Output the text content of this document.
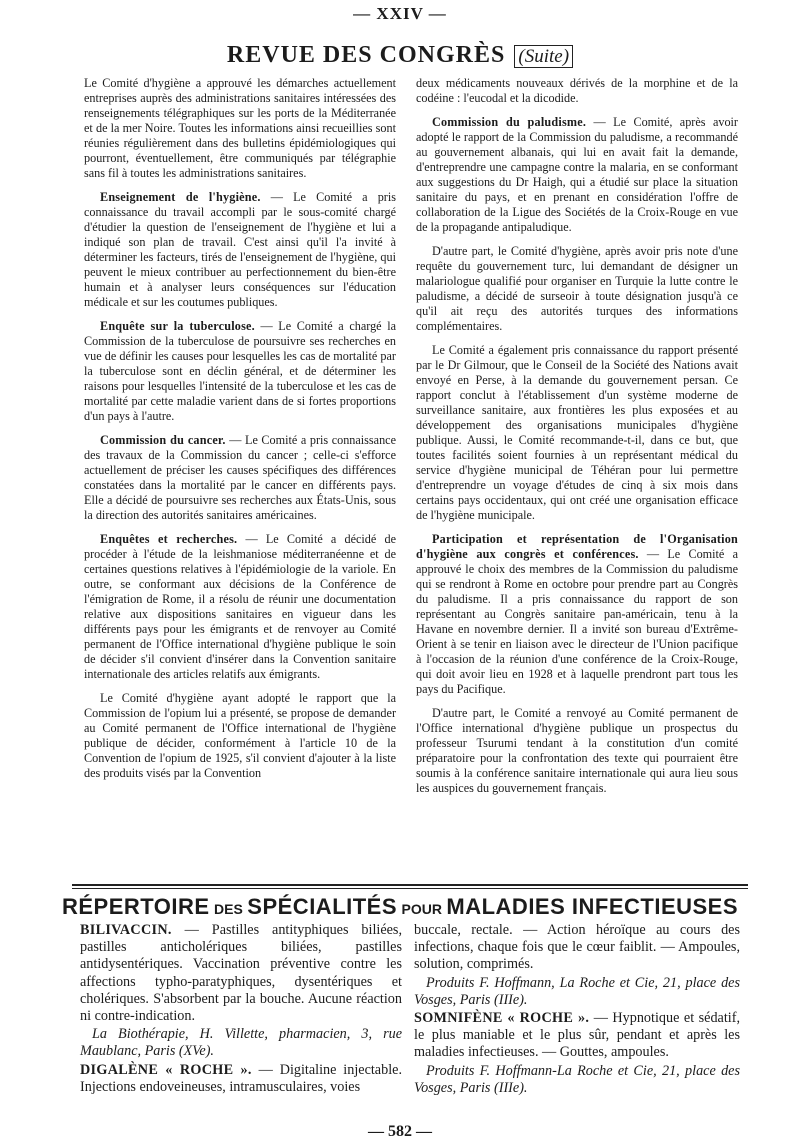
— XXIV —
REVUE DES CONGRÈS (Suite)

Le Comité d'hygiène a approuvé les démarches actuellement entreprises auprès des administrations sanitaires intéressées des renseignements télégraphiques sur les ports de la Méditerranée et de la mer Noire. Toutes les informations ainsi recueillies sont réunies régulièrement dans des bulletins épidémiologiques qui pourront, éventuellement, être communiqués par télégraphie sans fil à toutes les administrations sanitaires.

Enseignement de l'hygiène. — Le Comité a pris connaissance du travail accompli par le sous-comité chargé d'étudier la question de l'enseignement de l'hygiène et lui a indiqué son plan de travail. C'est ainsi qu'il l'a invité à déterminer les facteurs, tirés de l'enseignement de l'hygiène, qui peuvent le mieux contribuer au perfectionnement du bien-être humain et à analyser leurs conséquences sur l'éducation médicale et sur les coutumes publiques.

Enquête sur la tuberculose. — Le Comité a chargé la Commission de la tuberculose de poursuivre ses recherches en vue de définir les causes pour lesquelles les cas de mortalité par la tuberculose sont en déclin général, et de déterminer les raisons pour lesquelles l'intensité de la tuberculose et les cas de mortalité par cette maladie varient dans de si fortes proportions d'un pays à l'autre.

Commission du cancer. — Le Comité a pris connaissance des travaux de la Commission du cancer ; celle-ci s'efforce actuellement de préciser les causes spécifiques des différences constatées dans la mortalité par le cancer en différents pays. Elle a décidé de poursuivre ses recherches aux États-Unis, sous la direction des autorités sanitaires américaines.

Enquêtes et recherches. — Le Comité a décidé de procéder à l'étude de la leishmaniose méditerranéenne et de certaines questions relatives à l'épidémiologie de la variole. En outre, se conformant aux décisions de la Conférence de l'émigration de Rome, il a résolu de réunir une documentation relative aux dispositions sanitaires en vigueur dans les différents pays pour les émigrants et de renvoyer au Comité permanent de l'Office international d'hygiène publique le soin de décider s'il convient d'insérer dans la Convention sanitaire internationale des articles relatifs aux émigrants.

Le Comité d'hygiène ayant adopté le rapport que la Commission de l'opium lui a présenté, se propose de demander au Comité permanent de l'Office international de l'hygiène publique de décider, conformément à l'article 10 de la Convention de l'opium de 1925, s'il convient d'ajouter à la liste des produits visés par la Convention

deux médicaments nouveaux dérivés de la morphine et de la codéine : l'eucodal et la dicodide.

Commission du paludisme. — Le Comité, après avoir adopté le rapport de la Commission du paludisme, a recommandé au gouvernement albanais, qui lui en avait fait la demande, d'entreprendre une campagne contre la malaria, en se conformant aux suggestions du Dr Haigh, qui a étudié sur place la situation sanitaire du pays, et en prenant en considération l'offre de collaboration de la Ligue des Sociétés de la Croix-Rouge en vue de la propagande antipaludique.

D'autre part, le Comité d'hygiène, après avoir pris note d'une requête du gouvernement turc, lui demandant de désigner un malariologue qualifié pour organiser en Turquie la lutte contre le paludisme, a décidé de surseoir à toute désignation jusqu'à ce qu'il ait reçu des autorités turques des informations complémentaires.

Le Comité a également pris connaissance du rapport présenté par le Dr Gilmour, que le Conseil de la Société des Nations avait envoyé en Perse, à la demande du gouvernement persan. Ce rapport conclut à l'établissement d'un système moderne de surveillance sanitaire, aux frontières les plus exposées et au développement des organisations municipales d'hygiène publique. Aussi, le Comité recommande-t-il, dans ce but, que toutes facilités soient fournies à un représentant médical du service d'hygiène municipal de Téhéran pour lui permettre d'entreprendre un voyage d'études de cinq à six mois dans certains pays occidentaux, qui ont créé une organisation efficace de l'hygiène municipale.

Participation et représentation de l'Organisation d'hygiène aux congrès et conférences. — Le Comité a approuvé le choix des membres de la Commission du paludisme qui se rendront à Rome en octobre pour prendre part au Congrès du paludisme. Il a pris connaissance du rapport de son représentant au Congrès sanitaire pan-américain, tenu à la Havane en novembre dernier. Il a invité son bureau d'Extrême-Orient à se tenir en liaison avec le directeur de l'Union pacifique à l'occasion de la réunion d'une conférence de la Croix-Rouge, qui doit avoir lieu en 1928 et à laquelle prendront part tous les pays du Pacifique.

D'autre part, le Comité a renvoyé au Comité permanent de l'Office international d'hygiène publique un prospectus du professeur Tsurumi tendant à la constitution d'un comité préparatoire pour la confrontation des texte qui pourraient être soumis à la conférence sanitaire internationale qui aura lieu sous les auspices du gouvernement français.

RÉPERTOIRE DES SPÉCIALITÉS POUR MALADIES INFECTIEUSES

BILIVACCIN. — Pastilles antityphiques biliées, pastilles anticholériques biliées, pastilles antidysentériques. Vaccination préventive contre les affections typho-paratyphiques, dysentériques et cholériques. S'absorbent par la bouche. Aucune réaction ni contre-indication.

La Biothérapie, H. Villette, pharmacien, 3, rue Maublanc, Paris (XVe).

DIGALÈNE « ROCHE ». — Digitaline injectable. Injections endoveineuses, intramusculaires, voies

buccale, rectale. — Action héroïque au cours des infections, chaque fois que le cœur faiblit. — Ampoules, solution, comprimés.

Produits F. Hoffmann, La Roche et Cie, 21, place des Vosges, Paris (IIIe).

SOMNIFÈNE « ROCHE ». — Hypnotique et sédatif, le plus maniable et le plus sûr, pendant et après les maladies infectieuses. — Gouttes, ampoules.

Produits F. Hoffmann-La Roche et Cie, 21, place des Vosges, Paris (IIIe).

— 582 —
